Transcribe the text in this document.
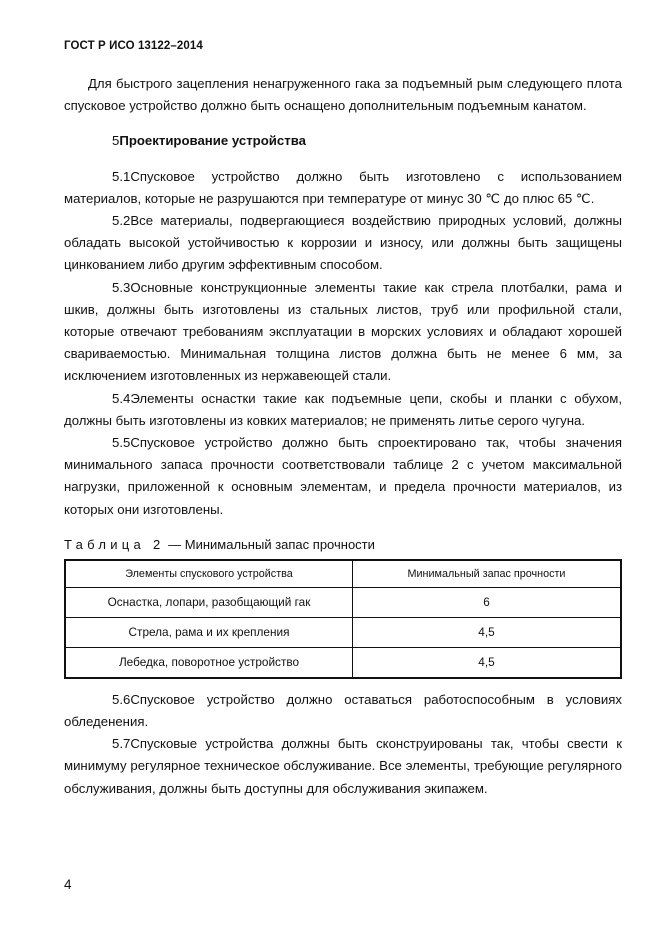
ГОСТ Р ИСО 13122–2014

Для быстрого зацепления ненагруженного гака за подъемный рым следующего плота спусковое устройство должно быть оснащено дополнительным подъемным канатом.

5Проектирование устройства

5.1Спусковое устройство должно быть изготовлено с использованием материалов, которые не разрушаются при температуре от минус 30 ℃ до плюс 65 ℃.

5.2Все материалы, подвергающиеся воздействию природных условий, должны обладать высокой устойчивостью к коррозии и износу, или должны быть защищены цинкованием либо другим эффективным способом.

5.3Основные конструкционные элементы такие как стрела плотбалки, рама и шкив, должны быть изготовлены из стальных листов, труб или профильной стали, которые отвечают требованиям эксплуатации в морских условиях и обладают хорошей свариваемостью. Минимальная толщина листов должна быть не менее 6 мм, за исключением изготовленных из нержавеющей стали.

5.4Элементы оснастки такие как подъемные цепи, скобы и планки с обухом, должны быть изготовлены из ковких материалов; не применять литье серого чугуна.

5.5Спусковое устройство должно быть спроектировано так, чтобы значения минимального запаса прочности соответствовали таблице 2 с учетом максимальной нагрузки, приложенной к основным элементам, и предела прочности материалов, из которых они изготовлены.

Таблица 2 — Минимальный запас прочности

Элементы спускового устройства	Минимальный запас прочности
Оснастка, лопари, разобщающий гак	6
Стрела, рама и их крепления	4,5
Лебедка, поворотное устройство	4,5

5.6Спусковое устройство должно оставаться работоспособным в условиях обледенения.

5.7Спусковые устройства должны быть сконструированы так, чтобы свести к минимуму регулярное техническое обслуживание. Все элементы, требующие регулярного обслуживания, должны быть доступны для обслуживания экипажем.

4
